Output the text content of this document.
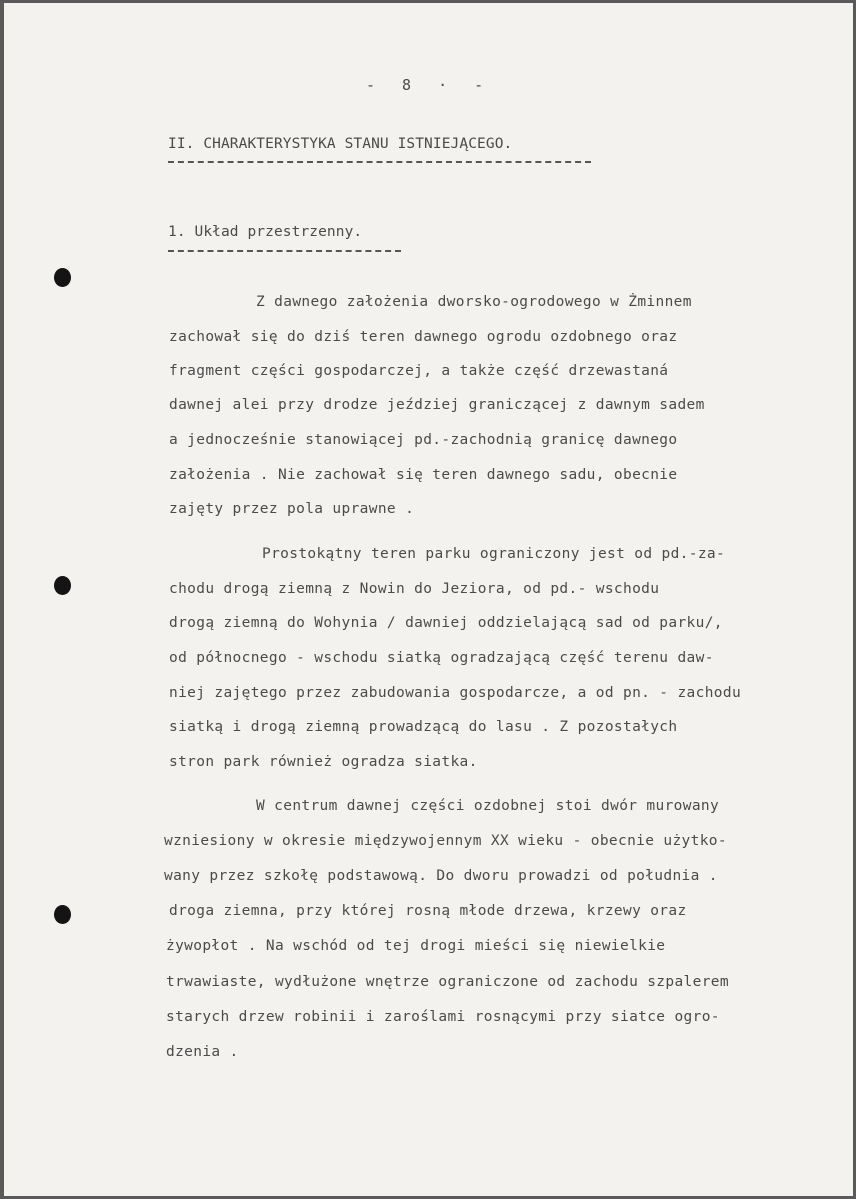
- 8 · -
II. CHARAKTERYSTYKA STANU ISTNIEJĄCEGO.
1. Układ przestrzenny.
Z dawnego założenia dworsko-ogrodowego w Żminnem
zachował się do dziś teren dawnego ogrodu ozdobnego oraz
fragment części gospodarczej, a także część drzewastaná
dawnej alei przy drodze jeździej graniczącej z dawnym sadem
a jednocześnie stanowiącej pd.-zachodnią granicę dawnego
założenia . Nie zachował się teren dawnego sadu, obecnie
zajęty przez pola uprawne .
Prostokątny teren parku ograniczony jest od pd.-za-
chodu drogą ziemną z Nowin do Jeziora, od pd.- wschodu
drogą ziemną do Wohynia / dawniej oddzielającą sad od parku/,
od północnego - wschodu siatką ogradzającą część terenu daw-
niej zajętego przez zabudowania gospodarcze, a od pn. - zachodu
siatką i drogą ziemną prowadzącą do lasu . Z pozostałych
stron park również ogradza siatka.
W centrum dawnej części ozdobnej stoi dwór murowany
wzniesiony w okresie międzywojennym XX wieku - obecnie użytko-
wany przez szkołę podstawową. Do dworu prowadzi od południa .
droga ziemna, przy której rosną młode drzewa, krzewy oraz
żywopłot . Na wschód od tej drogi mieści się niewielkie
trwawiaste, wydłużone wnętrze ograniczone od zachodu szpalerem
starych drzew robinii i zaroślami rosnącymi przy siatce ogro-
dzenia .
